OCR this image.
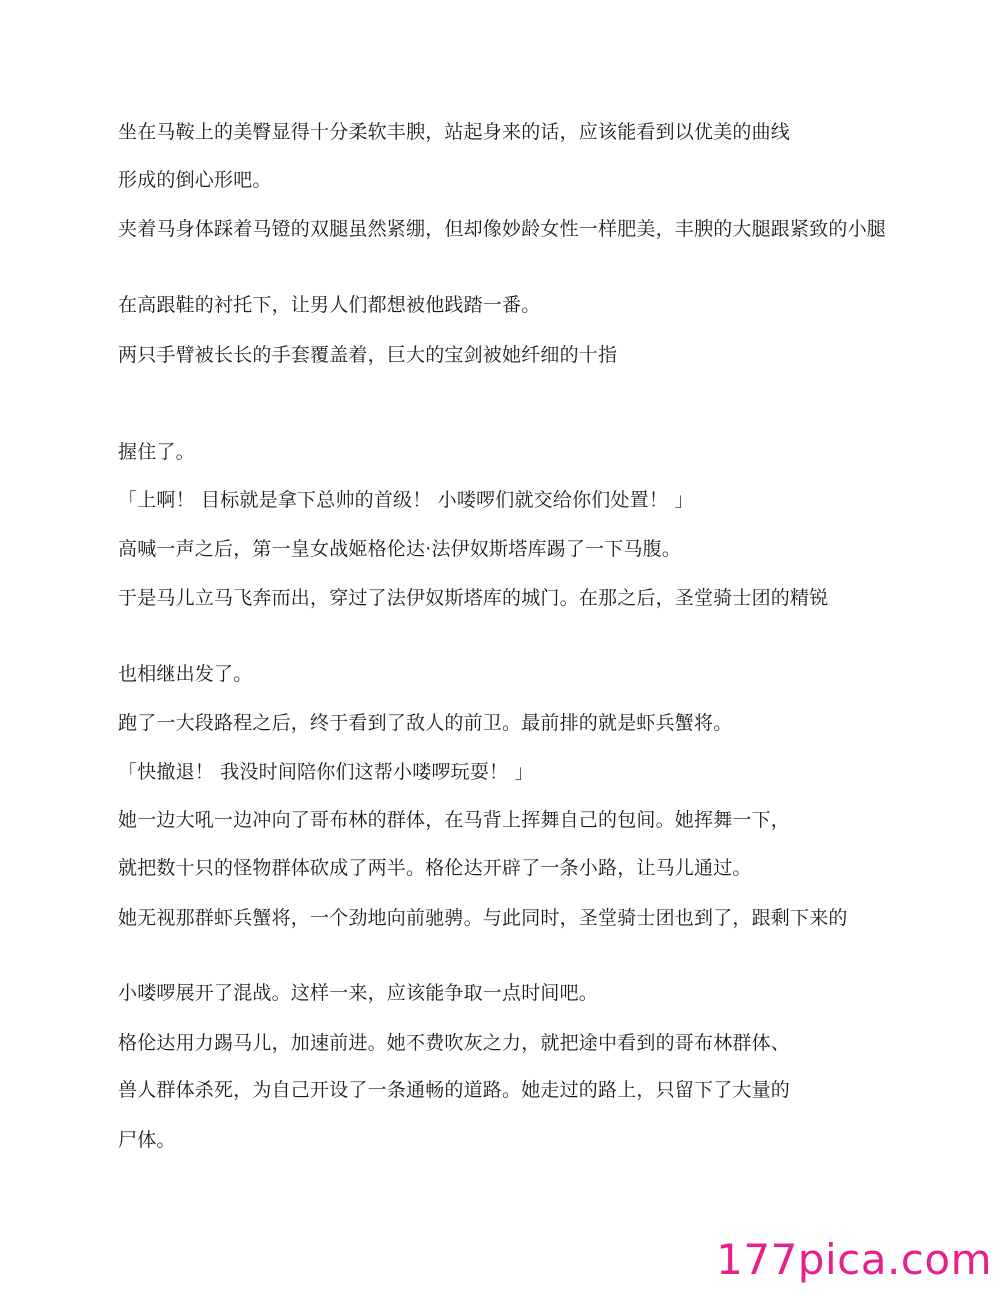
坐在马鞍上的美臀显得十分柔软丰腴，站起身来的话，应该能看到以优美的曲线

形成的倒心形吧。

夹着马身体踩着马镫的双腿虽然紧绷，但却像妙龄女性一样肥美，丰腴的大腿跟紧致的小腿

在高跟鞋的衬托下，让男人们都想被他践踏一番。

两只手臂被长长的手套覆盖着，巨大的宝剑被她纤细的十指

握住了。

「上啊！ 目标就是拿下总帅的首级！ 小喽啰们就交给你们处置！ 」

高喊一声之后，第一皇女战姬格伦达·法伊奴斯塔库踢了一下马腹。

于是马儿立马飞奔而出，穿过了法伊奴斯塔库的城门。在那之后，圣堂骑士团的精锐

也相继出发了。

跑了一大段路程之后，终于看到了敌人的前卫。最前排的就是虾兵蟹将。

「快撤退！ 我没时间陪你们这帮小喽啰玩耍！ 」

她一边大吼一边冲向了哥布林的群体，在马背上挥舞自己的包间。她挥舞一下，

就把数十只的怪物群体砍成了两半。格伦达开辟了一条小路，让马儿通过。

她无视那群虾兵蟹将，一个劲地向前驰骋。与此同时，圣堂骑士团也到了，跟剩下来的

小喽啰展开了混战。这样一来，应该能争取一点时间吧。

格伦达用力踢马儿，加速前进。她不费吹灰之力，就把途中看到的哥布林群体、

兽人群体杀死，为自己开设了一条通畅的道路。她走过的路上，只留下了大量的

尸体。

177pica.com
